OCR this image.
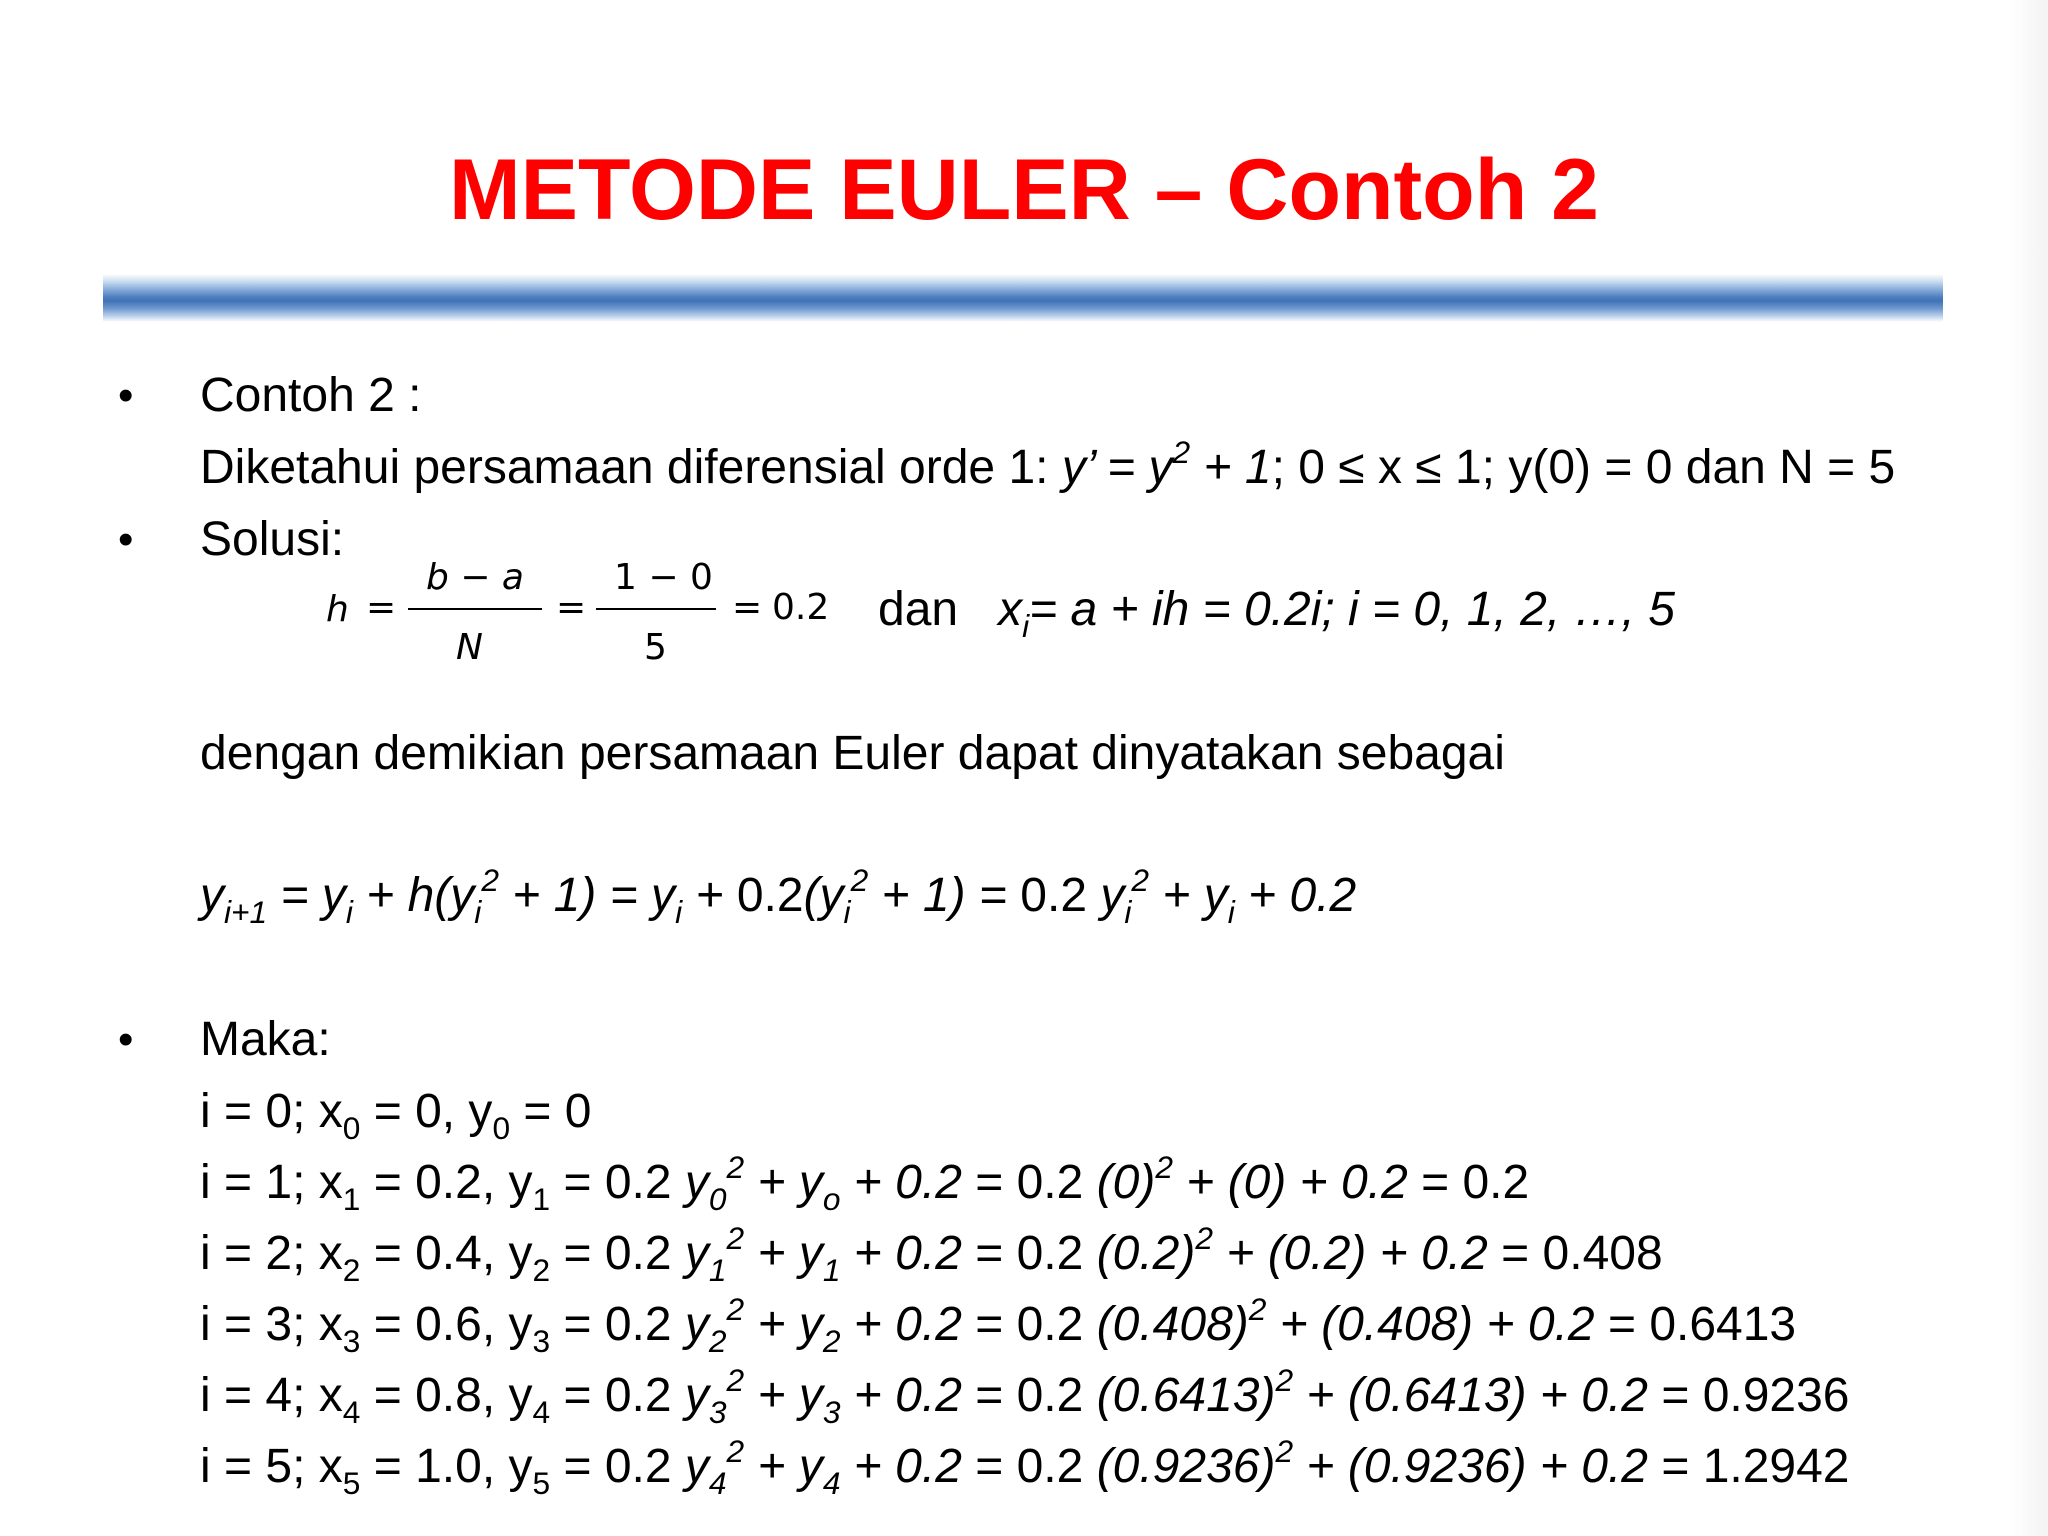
METODE EULER – Contoh 2
• Contoh 2 :
Diketahui persamaan diferensial orde 1: y’ = $y^2 + 1$; 0 ≤ x ≤ 1; y(0) = 0 dan N = 5
• Solusi:
h =
b − a
N
=
1 − 0
5
= 0.2 dan $x_i= a$ + ih = 0.2i; i = 0, 1, 2, …, 5
dengan demikian persamaan Euler dapat dinyatakan sebagai
$y_{i+1} = y_i + h(y_i^2 + 1) = y_i + 0.2(y_i^2 + 1) = 0.2$ $y_i^2 + y_i + 0.2$
• Maka:
i = 0; $x_0 = 0$, $y_0 = 0$
i = 1; $x_1 = 0.2$, $y_1 = 0.2$ $y_0^2 + y_o + 0.2 = 0.2$ $(0)^2 + (0) + 0.2 = 0.2$
i = 2; $x_2 = 0.4$, $y_2 = 0.2$ $y_1^2 + y_1 + 0.2 = 0.2$ $(0.2)^2 + (0.2) + 0.2 = 0.408$
i = 3; $x_3 = 0.6$, $y_3 = 0.2$ $y_2^2 + y_2 + 0.2 = 0.2$ $(0.408)^2 + (0.408) + 0.2 = 0.6413$
i = 4; $x_4 = 0.8$, $y_4 = 0.2$ $y_3^2 + y_3 + 0.2 = 0.2$ $(0.6413)^2 + (0.6413) + 0.2 = 0.9236$
i = 5; $x_5 = 1.0$, $y_5 = 0.2$ $y_4^2 + y_4 + 0.2 = 0.2$ $(0.9236)^2 + (0.9236) + 0.2 = 1.2942$
